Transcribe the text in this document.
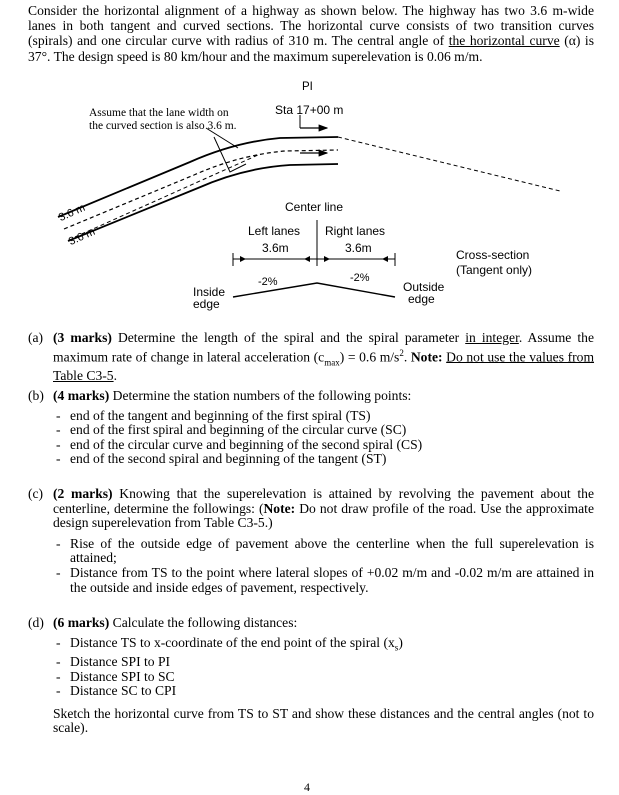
Consider the horizontal alignment of a highway as shown below. The highway has two 3.6 m-wide lanes in both tangent and curved sections. The horizontal curve consists of two transition curves (spirals) and one circular curve with radius of 310 m. The central angle of the horizontal curve (α) is 37°. The design speed is 80 km/hour and the maximum superelevation is 0.06 m/m.
PI
Sta 17+00 m
Assume that the lane width on
the curved section is also 3.6 m.
3.6 m
3.6 m
Center line
Left lanes Right lanes
3.6m	3.6m
-2%	-2%
Inside
edge
Outside
edge
Cross-section
(Tangent only)
(a) (3 marks) Determine the length of the spiral and the spiral parameter in integer. Assume the maximum rate of change in lateral acceleration $(c_{max}) = 0.6$ $m/s^2$. Note: Do not use the values from Table C3-5.
(b) (4 marks) Determine the station numbers of the following points:
- end of the tangent and beginning of the first spiral (TS)
- end of the first spiral and beginning of the circular curve (SC)
- end of the circular curve and beginning of the second spiral (CS)
- end of the second spiral and beginning of the tangent (ST)
(c) (2 marks) Knowing that the superelevation is attained by revolving the pavement about the centerline, determine the followings: (Note: Do not draw profile of the road. Use the approximate design superelevation from Table C3-5.)
- Rise of the outside edge of pavement above the centerline when the full superelevation is attained;
- Distance from TS to the point where lateral slopes of +0.02 m/m and -0.02 m/m are attained in the outside and inside edges of pavement, respectively.
(d) (6 marks) Calculate the following distances:
- Distance TS to x-coordinate of the end point of the spiral $(x_s)$
- Distance SPI to PI
- Distance SPI to SC
- Distance SC to CPI
Sketch the horizontal curve from TS to ST and show these distances and the central angles (not to scale).
4
